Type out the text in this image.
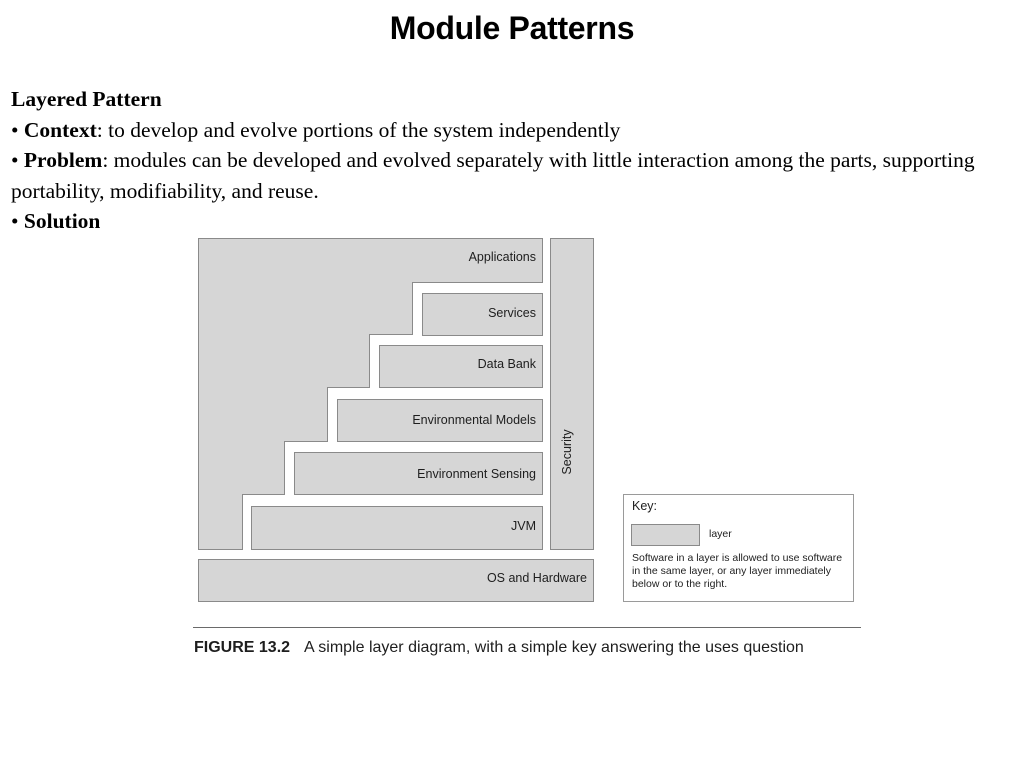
Module Patterns

Layered Pattern

• Context: to develop and evolve portions of the system independently

• Problem: modules can be developed and evolved separately with little interaction among the parts, supporting portability, modifiability, and reuse.

• Solution

Applications
Services
Data Bank
Environmental Models
Environment Sensing
JVM
OS and Hardware
Security
Key:
layer
Software in a layer is allowed to use software in the same layer, or any layer immediately below or to the right.
FIGURE 13.2 A simple layer diagram, with a simple key answering the uses question
